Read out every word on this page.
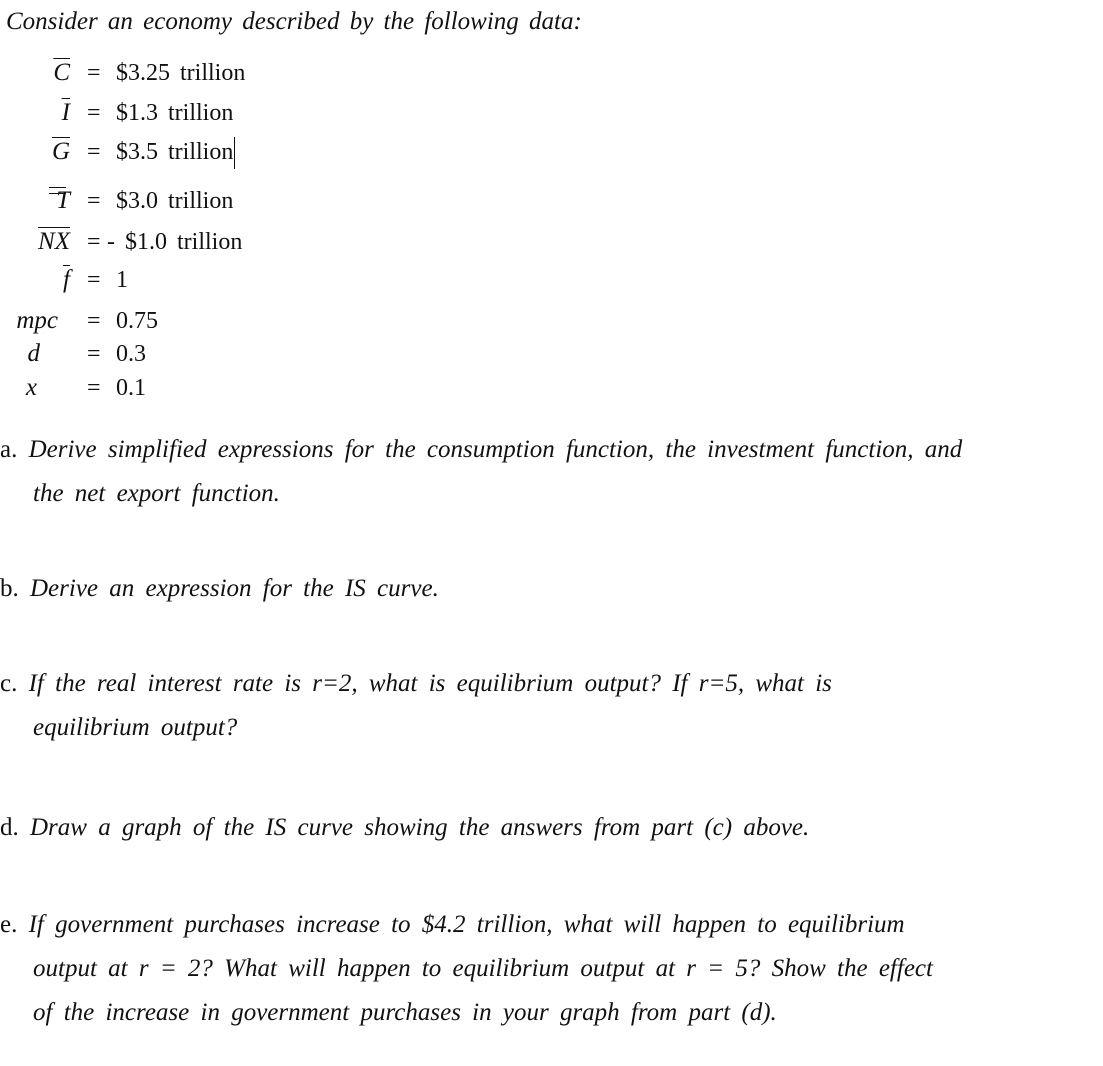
Consider an economy described by the following data:
$\overline{C}$ = $3.25 trillion
$\overline{I}$ = $1.3 trillion
$\overline{G}$ = $3.5 trillion
T = $3.0 trillion
$\overline{NX}$ = - $1.0 trillion
$\overline{f} = 1$
mpc = 0.75
d = 0.3
x = 0.1
a. Derive simplified expressions for the consumption function, the investment function, and
the net export function.
b. Derive an expression for the IS curve.
c. If the real interest rate is r=2, what is equilibrium output? If r=5, what is
equilibrium output?
d. Draw a graph of the IS curve showing the answers from part (c) above.
e. If government purchases increase to $4.2 trillion, what will happen to equilibrium
output at r = 2? What will happen to equilibrium output at r = 5? Show the effect
of the increase in government purchases in your graph from part (d).
